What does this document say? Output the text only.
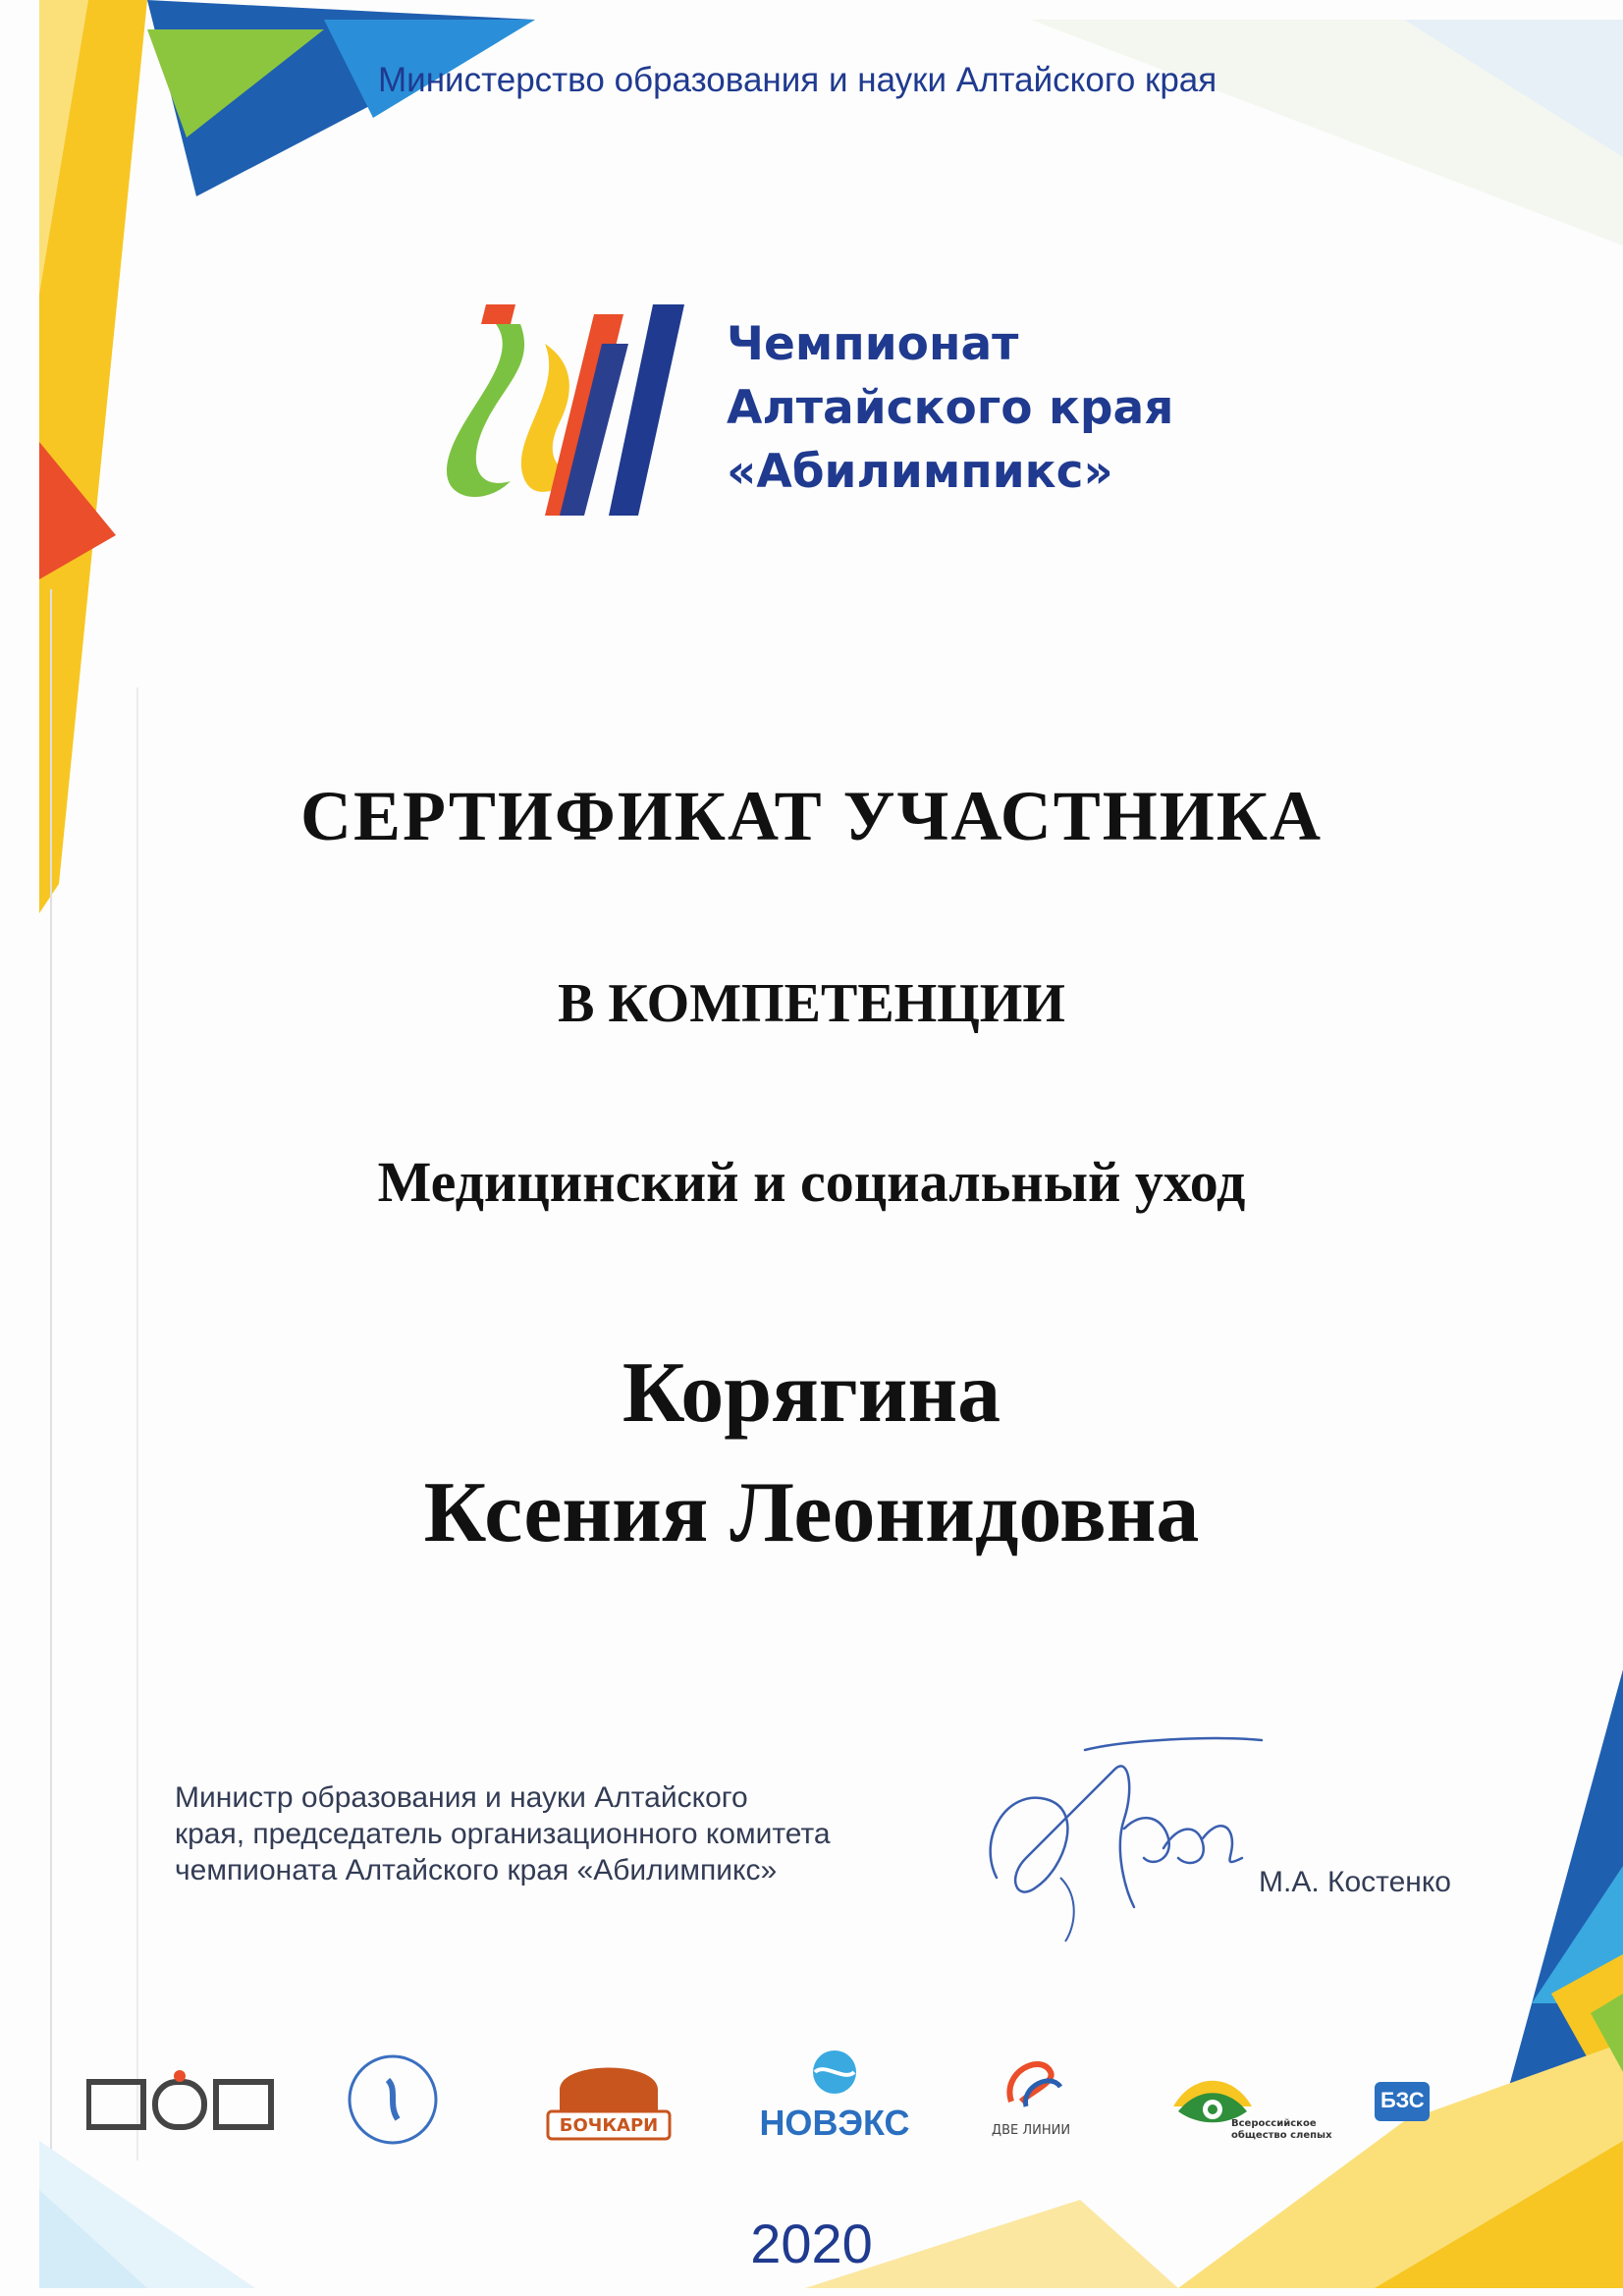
Министерство образования и науки Алтайского края
Чемпионат
Алтайского края
«Абилимпикс»
СЕРТИФИКАТ УЧАСТНИКА
В КОМПЕТЕНЦИИ
Медицинский и социальный уход
Корягина
Ксения Леонидовна
Министр образования и науки Алтайского
края, председатель организационного комитета
чемпионата Алтайского края «Абилимпикс»	М.А. Костенко
БОЧКАРИ	НОВЭКС	ДВЕ ЛИНИИ	Всероссийское общество слепых
БЗС
2020
